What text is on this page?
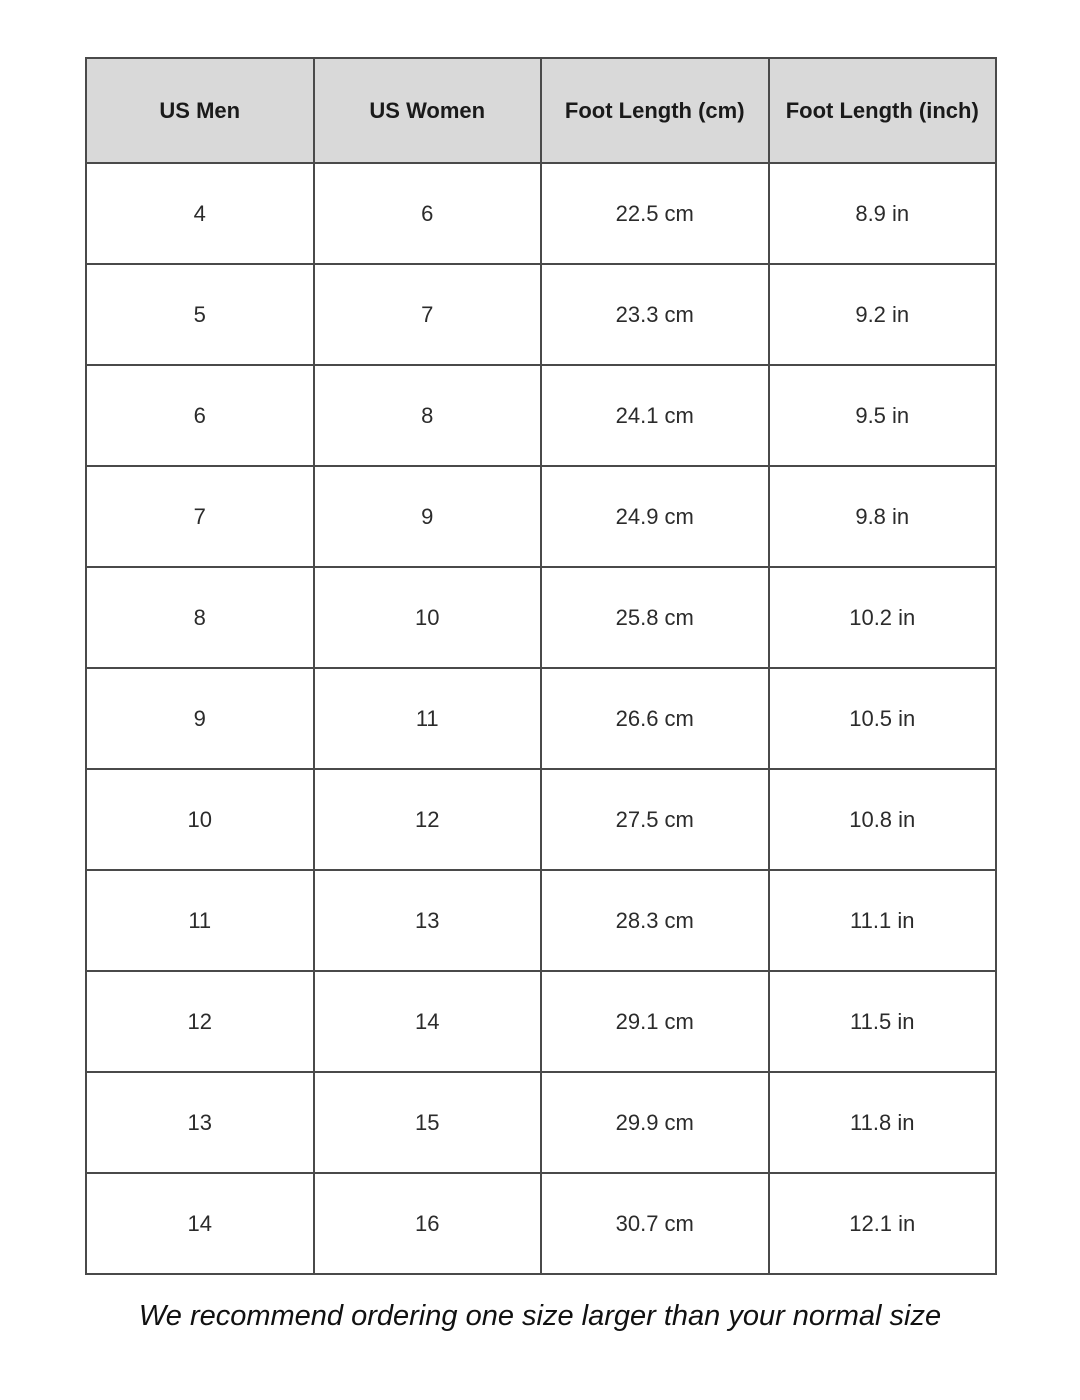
US Men	US Women	Foot Length (cm)	Foot Length (inch)
4	6	22.5 cm	8.9 in
5	7	23.3 cm	9.2 in
6	8	24.1 cm	9.5 in
7	9	24.9 cm	9.8 in
8	10	25.8 cm	10.2 in
9	11	26.6 cm	10.5 in
10	12	27.5 cm	10.8 in
11	13	28.3 cm	11.1 in
12	14	29.1 cm	11.5 in
13	15	29.9 cm	11.8 in
14	16	30.7 cm	12.1 in
We recommend ordering one size larger than your normal size
